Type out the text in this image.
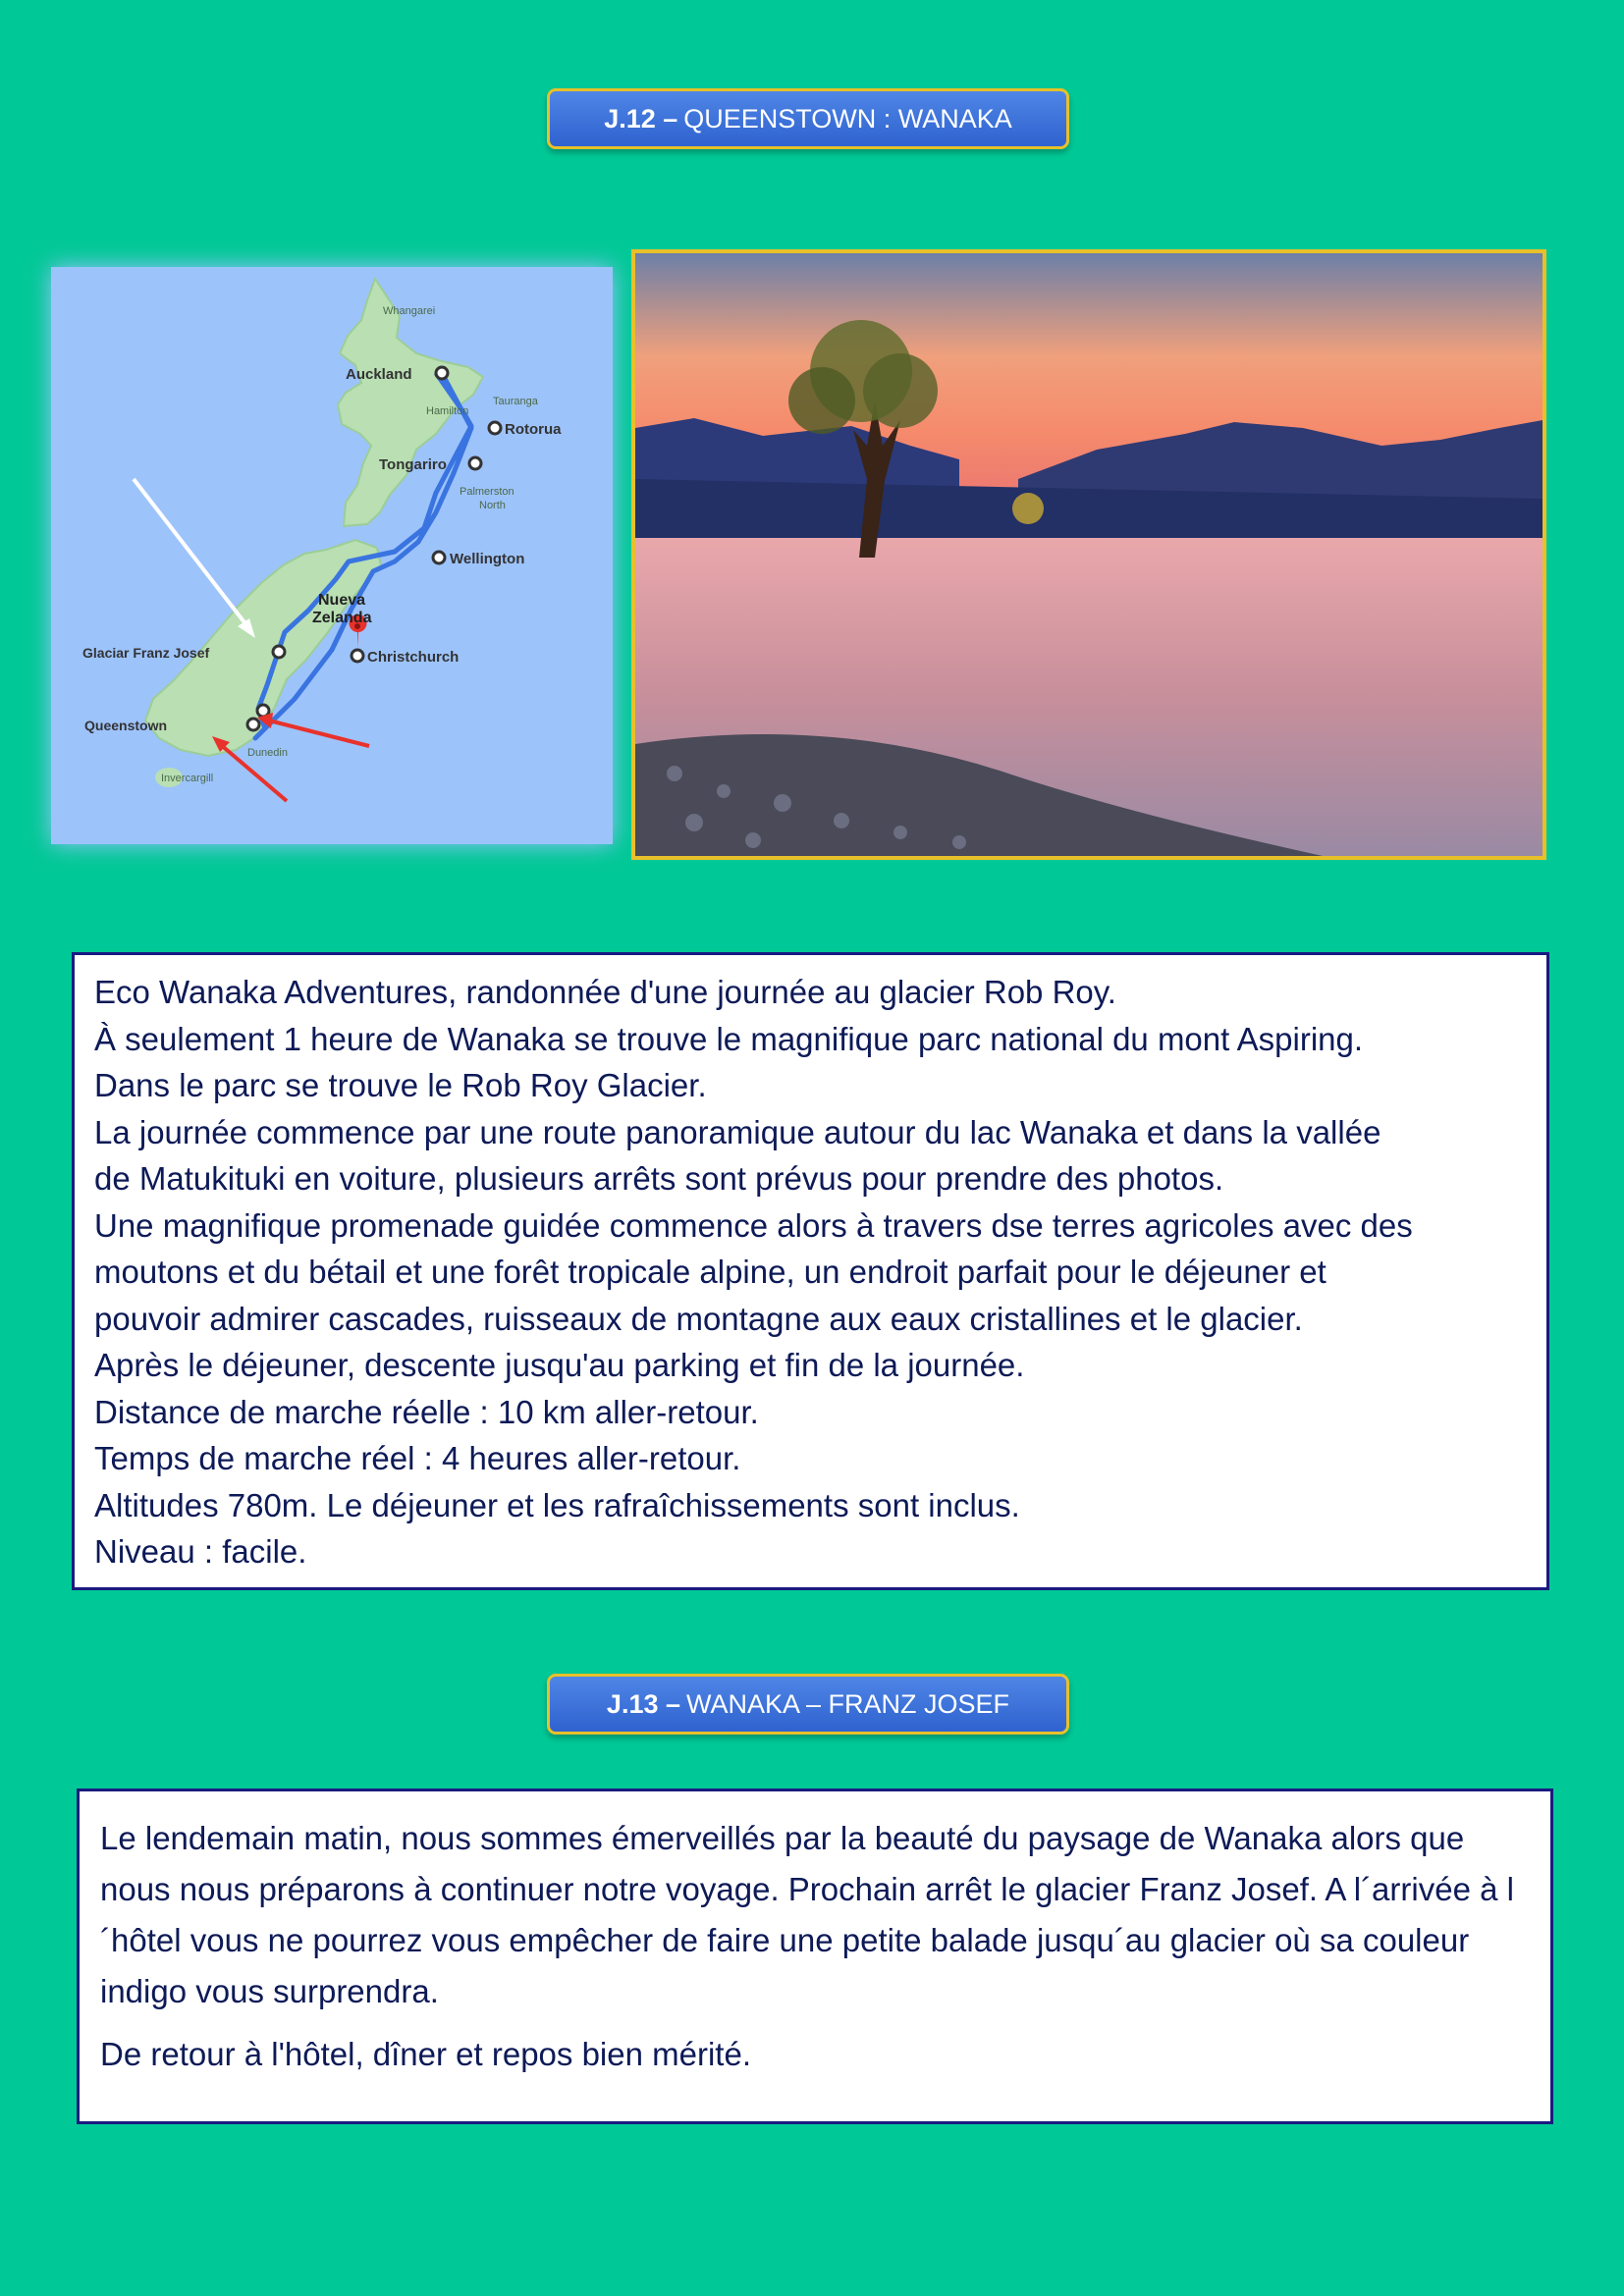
J.12 – QUEENSTOWN : WANAKA
Whangarei
Auckland
Tauranga
Hamilton
Rotorua
Tongariro
Palmerston
North
Wellington
Nueva
Zelanda
Christchurch
Glaciar Franz Josef
Queenstown
Dunedin
Invercargill
Eco Wanaka Adventures, randonnée d'une journée au glacier Rob Roy.
À seulement 1 heure de Wanaka se trouve le magnifique parc national du mont Aspiring.
Dans le parc se trouve le Rob Roy Glacier.
La journée commence par une route panoramique autour du lac Wanaka et dans la vallée
de Matukituki en voiture, plusieurs arrêts sont prévus pour prendre des photos.
Une magnifique promenade guidée commence alors à travers dse terres agricoles avec des
moutons et du bétail et une forêt tropicale alpine, un endroit parfait pour le déjeuner et
pouvoir admirer cascades, ruisseaux de montagne aux eaux cristallines et le glacier.
Après le déjeuner, descente jusqu'au parking et fin de la journée.
Distance de marche réelle : 10 km aller-retour.
Temps de marche réel : 4 heures aller-retour.
Altitudes 780m. Le déjeuner et les rafraîchissements sont inclus.
Niveau : facile.
J.13 – WANAKA – FRANZ JOSEF

Le lendemain matin, nous sommes émerveillés par la beauté du paysage de Wanaka alors que nous nous préparons à continuer notre voyage. Prochain arrêt le glacier Franz Josef. A l´arrivée à l´hôtel vous ne pourrez vous empêcher de faire une petite balade jusqu´au glacier où sa couleur indigo vous surprendra.

De retour à l'hôtel, dîner et repos bien mérité.
